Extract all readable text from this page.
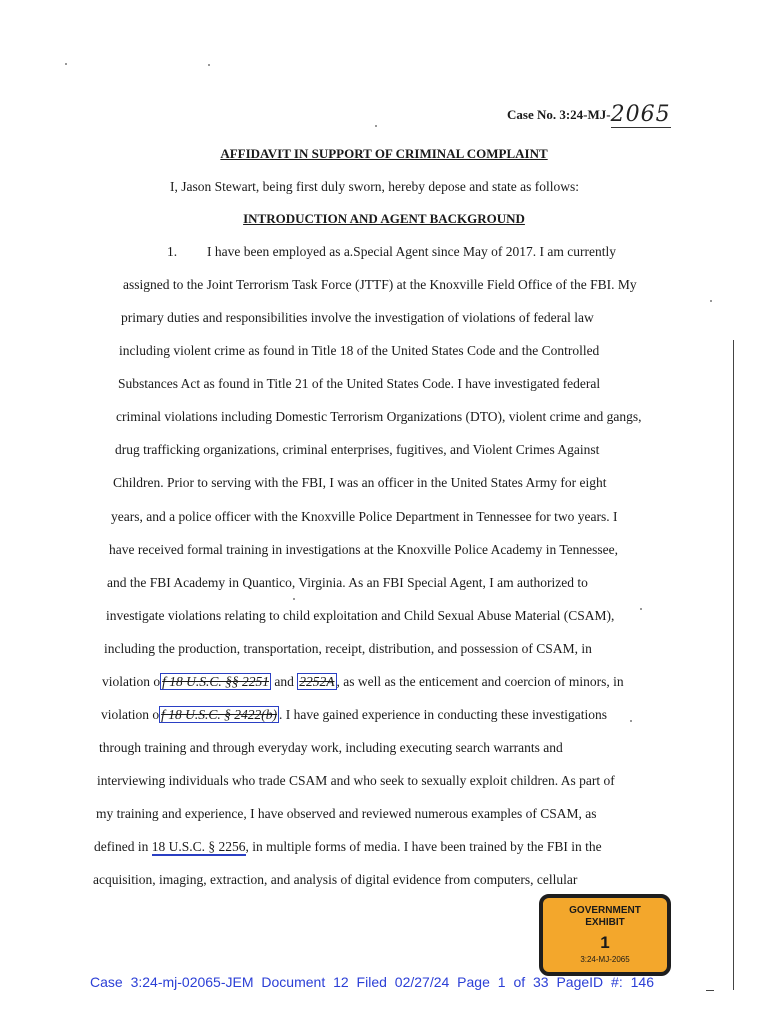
Case No. 3:24-MJ-2065
AFFIDAVIT IN SUPPORT OF CRIMINAL COMPLAINT
I, Jason Stewart, being first duly sworn, hereby depose and state as follows:
INTRODUCTION AND AGENT BACKGROUND
1. I have been employed as a.Special Agent since May of 2017. I am currently
assigned to the Joint Terrorism Task Force (JTTF) at the Knoxville Field Office of the FBI. My
primary duties and responsibilities involve the investigation of violations of federal law
including violent crime as found in Title 18 of the United States Code and the Controlled
Substances Act as found in Title 21 of the United States Code. I have investigated federal
criminal violations including Domestic Terrorism Organizations (DTO), violent crime and gangs,
drug trafficking organizations, criminal enterprises, fugitives, and Violent Crimes Against
Children. Prior to serving with the FBI, I was an officer in the United States Army for eight
years, and a police officer with the Knoxville Police Department in Tennessee for two years. I
have received formal training in investigations at the Knoxville Police Academy in Tennessee,
and the FBI Academy in Quantico, Virginia. As an FBI Special Agent, I am authorized to
investigate violations relating to child exploitation and Child Sexual Abuse Material (CSAM),
including the production, transportation, receipt, distribution, and possession of CSAM, in
violation o f 18 U.S.C. §§ 2251 and 2252A , as well as the enticement and coercion of minors, in
violation o f 18 U.S.C. § 2422(b) . I have gained experience in conducting these investigations
through training and through everyday work, including executing search warrants and
interviewing individuals who trade CSAM and who seek to sexually exploit children. As part of
my training and experience, I have observed and reviewed numerous examples of CSAM, as
defined in 18 U.S.C. § 2256, in multiple forms of media. I have been trained by the FBI in the
acquisition, imaging, extraction, and analysis of digital evidence from computers, cellular
GOVERNMENT
EXHIBIT
1
3:24-MJ-2065
Case 3:24-mj-02065-JEM Document 12 Filed 02/27/24 Page 1 of 33 PageID #: 146
